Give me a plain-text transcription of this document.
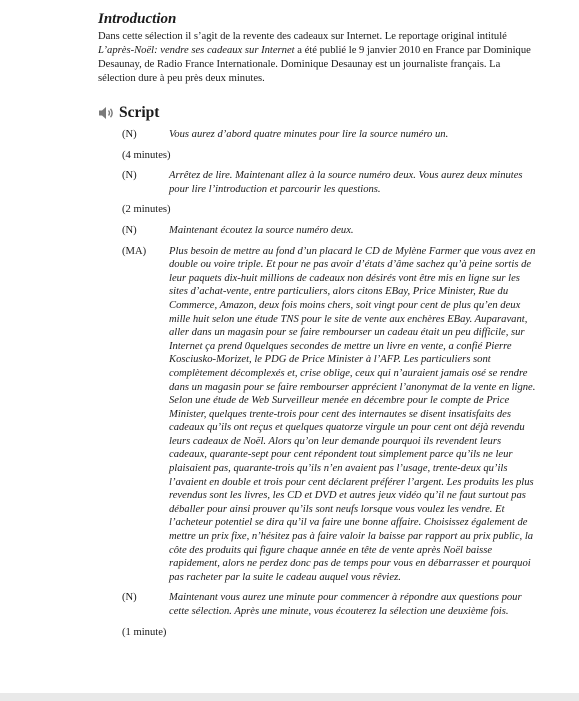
Introduction

Dans cette sélection il s’agit de la revente des cadeaux sur Internet. Le reportage original intitulé L’après-Noël: vendre ses cadeaux sur Internet a été publié le 9 janvier 2010 en France par Dominique Desaunay, de Radio France Internationale. Dominique Desaunay est un journaliste français. La sélection dure à peu près deux minutes.

Script
(N)	Vous aurez d’abord quatre minutes pour lire la source numéro un.
(4 minutes)
(N)	Arrêtez de lire. Maintenant allez à la source numéro deux. Vous aurez deux minutes pour lire l’introduction et parcourir les questions.
(2 minutes)
(N)	Maintenant écoutez la source numéro deux.
(MA)	Plus besoin de mettre au fond d’un placard le CD de Mylène Farmer que vous avez en double ou voire triple. Et pour ne pas avoir d’états d’âme sachez qu’à peine sortis de leur paquets dix-huit millions de cadeaux non désirés vont être mis en ligne sur les sites d’achat-vente, entre particuliers, alors citons EBay, Price Minister, Rue du Commerce, Amazon, deux fois moins chers, soit vingt pour cent de plus qu’en deux mille huit selon une étude TNS pour le site de vente aux enchères EBay. Auparavant, aller dans un magasin pour se faire rembourser un cadeau était un peu difficile, sur Internet ça prend 0quelques secondes de mettre un livre en vente, a confié Pierre Kosciusko-Morizet, le PDG de Price Minister à l’AFP. Les particuliers sont complètement décomplexés et, crise oblige, ceux qui n’auraient jamais osé se rendre dans un magasin pour se faire rembourser apprécient l’anonymat de la vente en ligne. Selon une étude de Web Surveilleur menée en décembre pour le compte de Price Minister, quelques trente-trois pour cent des internautes se disent insatisfaits des cadeaux qu’ils ont reçus et quelques quatorze virgule un pour cent ont déjà revendu leurs cadeaux de Noël. Alors qu’on leur demande pourquoi ils revendent leurs cadeaux, quarante-sept pour cent répondent tout simplement parce qu’ils ne leur plaisaient pas, quarante-trois qu’ils n’en avaient pas l’usage, trente-deux qu’ils l’avaient en double et trois pour cent déclarent préférer l’argent. Les produits les plus revendus sont les livres, les CD et DVD et autres jeux vidéo qu’il ne faut surtout pas déballer pour ainsi prouver qu’ils sont neufs lorsque vous voulez les vendre. Et l’acheteur potentiel se dira qu’il va faire une bonne affaire. Choisissez également de mettre un prix fixe, n’hésitez pas à faire valoir la baisse par rapport au prix public, la côte des produits qui figure chaque année en tête de vente après Noël baisse rapidement, alors ne perdez donc pas de temps pour vous en débarrasser et pourquoi pas racheter par la suite le cadeau auquel vous rêviez.
(N)	Maintenant vous aurez une minute pour commencer à répondre aux questions pour cette sélection. Après une minute, vous écouterez la sélection une deuxième fois.
(1 minute)
